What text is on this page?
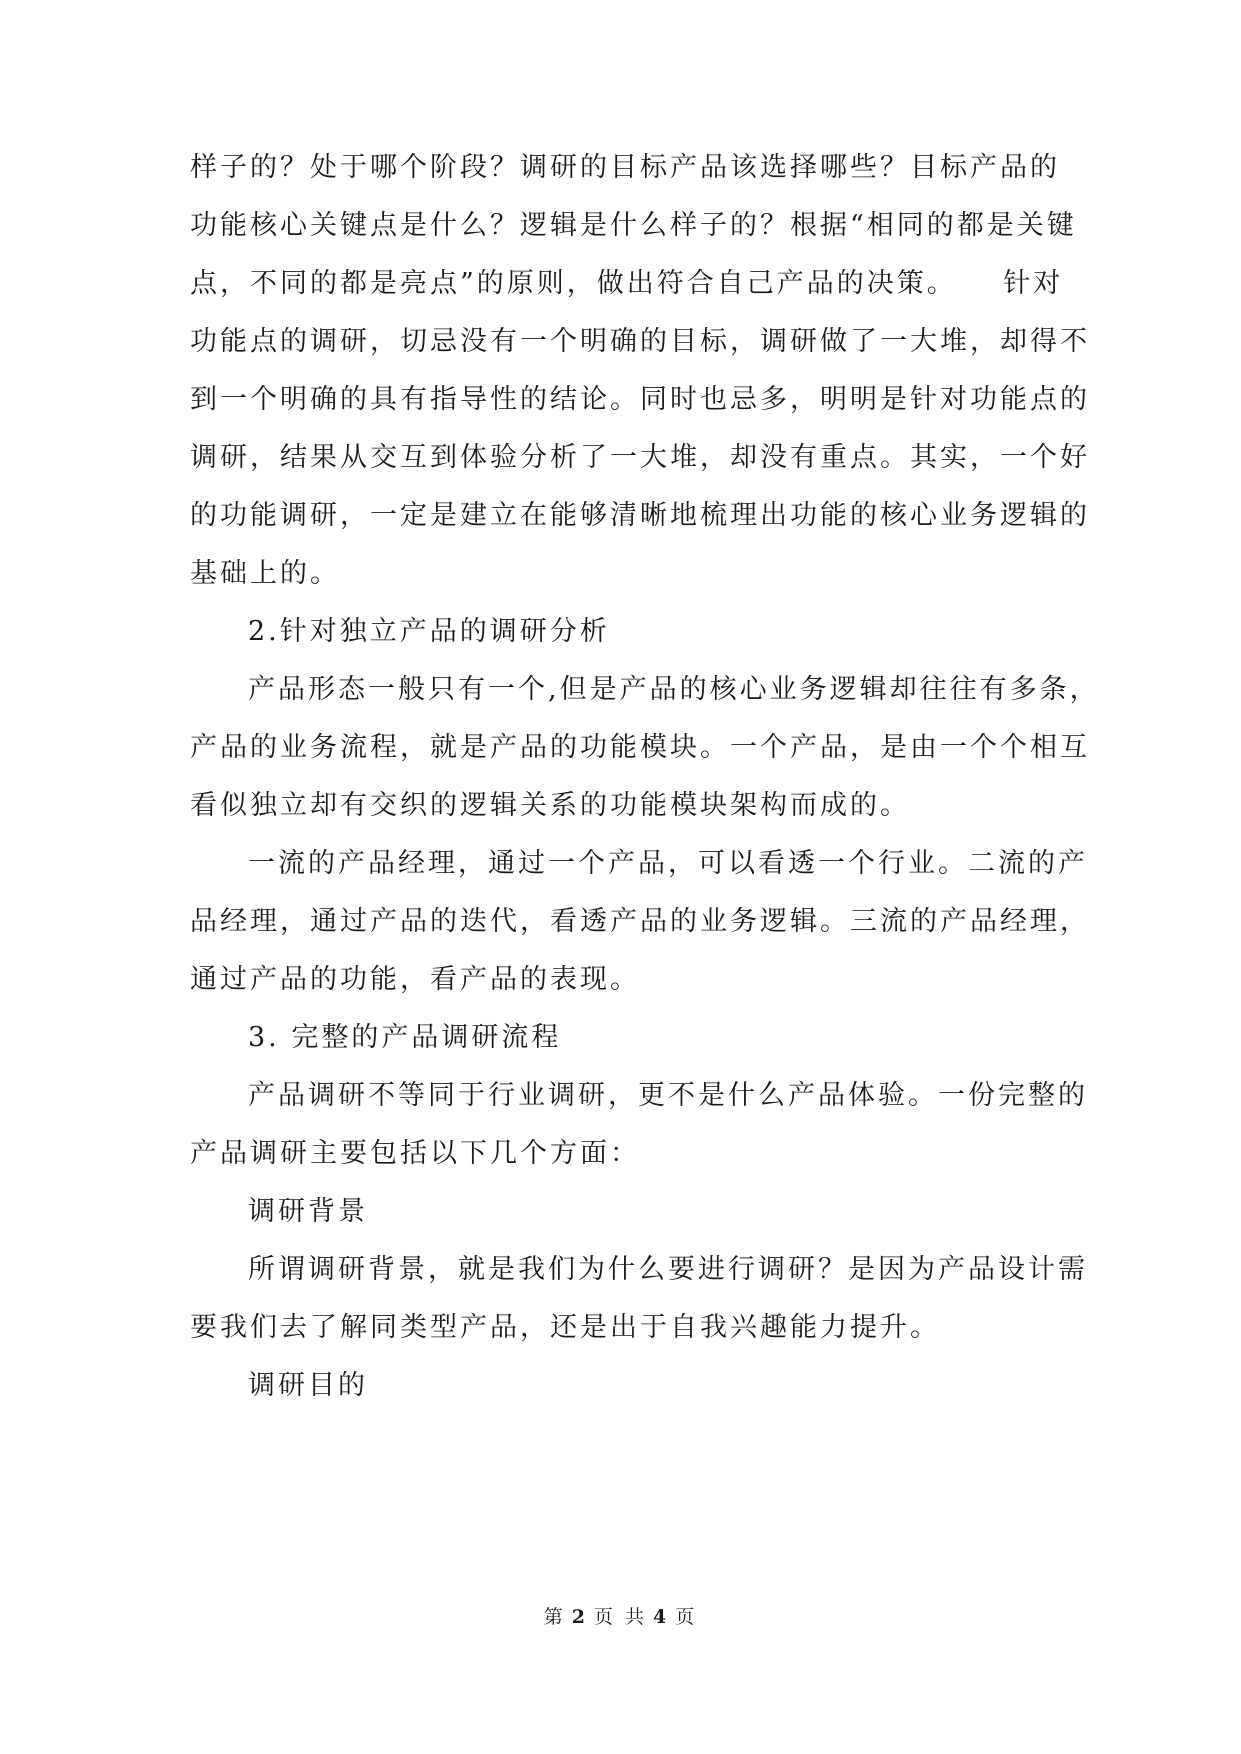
样子的？处于哪个阶段？调研的目标产品该选择哪些？目标产品的
功能核心关键点是什么？逻辑是什么样子的？根据“相同的都是关键
点，不同的都是亮点”的原则，做出符合自己产品的决策。　　针对
功能点的调研，切忌没有一个明确的目标，调研做了一大堆，却得不
到一个明确的具有指导性的结论。同时也忌多，明明是针对功能点的
调研，结果从交互到体验分析了一大堆，却没有重点。其实，一个好
的功能调研，一定是建立在能够清晰地梳理出功能的核心业务逻辑的
基础上的。
2.针对独立产品的调研分析
产品形态一般只有一个,但是产品的核心业务逻辑却往往有多条，
产品的业务流程，就是产品的功能模块。一个产品，是由一个个相互
看似独立却有交织的逻辑关系的功能模块架构而成的。
一流的产品经理，通过一个产品，可以看透一个行业。二流的产
品经理，通过产品的迭代，看透产品的业务逻辑。三流的产品经理，
通过产品的功能，看产品的表现。
3. 完整的产品调研流程
产品调研不等同于行业调研，更不是什么产品体验。一份完整的
产品调研主要包括以下几个方面：
调研背景
所谓调研背景，就是我们为什么要进行调研？是因为产品设计需
要我们去了解同类型产品，还是出于自我兴趣能力提升。
调研目的
第 2 页 共 4 页
